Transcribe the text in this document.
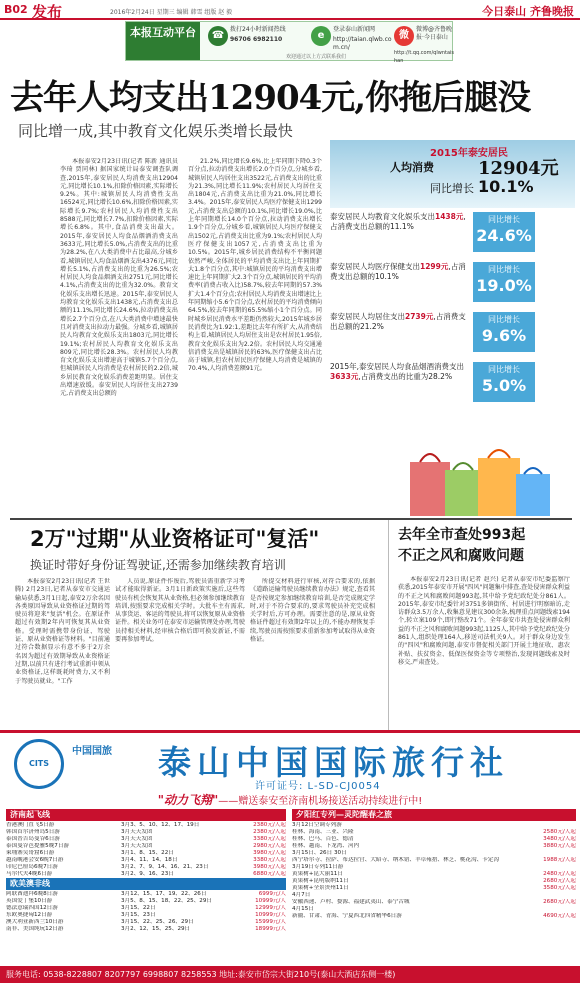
B02 发布	2016年2月24日 星期三 编辑 韩雪 组版 赵 毅	今日泰山 齐鲁晚报
本报互动平台	☎
拨打24小时新闻热线
96706 6982110	e
登录泰山新闻网
http://taian.qlwb.com.cn/
微
微博@齐鲁晚报·今日泰山
http://t.qq.com/qlwntaishan
欢迎通过以上方式联系我们
去年人均支出12904元,你拖后腿没
同比增一成,其中教育文化娱乐类增长最快
本报泰安2月23日讯(记者 陈新 通讯员 李琦 贾同林) 据国家统计局泰安调查队调查,2015年,泰安居民人均消费支出12904元,同比增长10.1%,扣除价格因素,实际增长9.2%。其中:城镇居民人均消费性支出16524元,同比增长10.6%,扣除价格因素,实际增长9.7%;农村居民人均消费性支出8588元,同比增长7.7%,扣除价格因素,实际增长6.8%。其中,食品消费支出最大。2015年,泰安居民人均食品烟酒消费支出3633元,同比增长5.0%,占消费支出的比重为28.2%,在八大类消费中占比最高,分城乡看,城镇居民人均食品烟酒支出4376元,同比增长5.1%,占消费支出的比重为26.5%;农村居民人均食品烟酒支出2751元,同比增长4.1%,占消费支出的比重为32.0%。教育文化娱乐支出增长迅速。2015年,泰安居民人均教育文化娱乐支出1438元,占消费支出总额的11.1%,同比增长24.6%,拉动消费支出增长2.7个百分点,在八大类消费中增速最快且对消费支出拉动力最强。分城乡看,城镇居民人均教育文化娱乐支出1803元,同比增长19.1%;农村居民人均教育文化娱乐支出809元,同比增长28.3%。农村居民人均教育文化娱乐支出增速高于城镇5.7个百分点,但城镇居民人均消费是农村居民的2.2倍,城乡居民教育文化娱乐消费差距明显。居住支出增速放缓。泰安居民人均居住支出2739元,占消费支出总额的
21.2%,同比增长9.6%,比上年同期下降0.3个百分点,拉动消费支出增长2.0个百分点,分城乡看,城镇居民人均居住支出3522元,占消费支出的比重为21.3%,同比增长11.9%;农村居民人均居住支出1804元,占消费支出比重为21.0%,同比增长3.4%。2015年,泰安居民人均医疗保健支出1299元,占消费支出总额的10.1%,同比增长19.0%,比上年同期增长14.0个百分点,拉动消费支出增长1.9个百分点,分城乡看,城镇居民人均医疗保健支出1502元,占消费支出比重为9.1%;农村居民人均医疗保健支出1057元,占消费支出比重为10.5%。2015年,城乡居民消费结构不平衡问题依然严峻,全体居民的平均消费支出比上年同期扩大1.8个百分点,其中:城镇居民的平均消费支出增速比上年同期扩大2.3个百分点,城镇居民的平均消费率(消费占收入比)58.7%,较去年同期的57.3%扩大1.4个百分点;农村居民人均消费支出增速比上年同期缩小5.6个百分点,农村居民的平均消费倾向64.5%,较去年同期的65.5%缩小1个百分点。同时城乡居民消费水平差距仍然较大,2015年城乡居民消费比为1.92:1,差距比去年有所扩大,从消费结构上看,城镇居民人均居住支出是农村居民1.95倍,教育文化娱乐支出为2.2倍。农村居民人均交通通信消费支出是城镇居民的63%,医疗保健支出占比高于城镇,但农村居民医疗保健人均消费是城镇的70.4%,人均消费差额91元。
2015年泰安居民
人均消费 12904元
同比增长 10.1%
泰安居民人均教育文化娱乐支出1438元,占消费支出总额的11.1%
同比增长
24.6%
泰安居民人均医疗保健支出1299元,占消费支出总额的10.1%
同比增长
19.0%
泰安居民人均居住支出2739元,占消费支出总额的21.2%
同比增长
9.6%
2015年,泰安居民人均食品烟酒消费支出3633元,占消费支出的比重为28.2%
同比增长
5.0%
2万"过期"从业资格证可"复活"
换证时带好身份证驾驶证,还需参加继续教育培训
本报泰安2月23日讯(记者 王世腾) 2月23日,记者从泰安市交通运输局获悉,3月1日起,泰安2万余名因各类原因导致从业资格证过期的驾驶员将迎来"复活"机会。在原证件超过有效期2年内可恢复其从业资格。受理时需携带身份证、驾驶证、原从业资格证等材料。"目前通过符合数据显示有意不多于2万余名因为超过有效期导致从业资格证过期,以前只有进行考试重新申领从业资格证,这样既耗时费力,又不利于驾驶员就业。"工作
人员说,原证件作废后,驾驶员需重新学习考试才能取得新证。3月1日新政策实施后,这些驾驶员有机会恢复其从业资格,但必须参加继续教育培训,按照要求完成相关学时。大批车主有需求,从事货运、客运的驾驶员,将可以恢复原从业资格证件。相关业务可在泰安市运输管理处办理,驾驶员持相关材料,经审核合格后即可换发新证,不需要再参加考试。
所提交材料进行审核,对符合要求的,依据《道路运输驾驶员继续教育办法》规定,查看其是否按规定参加继续教育培训,是否完成规定学时,对于不符合要求的,要求驾驶员补充完成相关学时后,方可办理。需要注意的是,原从业资格证件超过有效期2年以上的,不能办理恢复手续,驾驶员需按照要求重新参加考试取得从业资格证。
去年全市查处993起
不正之风和腐败问题
本报泰安2月23日讯(记者 赵兴) 记者从泰安市纪委监察厅获悉,2015年泰安市开展"四风"问题集中排查,查处侵害群众利益的不正之风和腐败问题993起,其中给予党纪政纪处分861人。2015年,泰安市纪委针对3751多镇街所、村居进行明察暗访,走访群众3.5万余人,收集意见建议300余条,梳理重点问题线索194个,转立案109个,即行整改71个。全年泰安市共查处侵害群众利益的不正之风和腐败问题993起,1125人,其中给予党纪政纪处分861人,组织处理164人,移送司法机关9人。对于群众身边发生的"四风"和腐败问题,泰安市督促相关部门开展土地征收、惠农补贴、扶贫资金、低保医保资金等专项整治,发现问题线索及时移交,严肃查处。
CITS
中国国旅 泰山中国国际旅行社
许可证号: L-SD-CJ0054
"动力飞翔"——赠送泰安至济南机场接送活动持续进行中!
济南起飞线
香港澳门直飞5日游	3月3、5、10、12、17、19日	2380元/人起
韩国首尔济州岛5日游	3月天天发团	2380元/人起
泰国普吉岛曼谷6日游	3月天天发团	3380元/人起
泰国曼谷芭提雅5晚7日游	3月天天发团	2980元/人起
柬埔寨吴哥窟6日游	3月1、8、15、22日	3980元/人起
越南岘港会安6晚7日游	3月4、11、14、18日	3380元/人起
印尼巴厘岛6晚7日游	3月2、7、9、14、16、21、23日	3980元/人起
马尔代夫4晚6日游	3月2、9、16、23日	6880元/人起
欧美澳非线
阿联酋迪拜6晚8日游	3月12、15、17、19、22、26日	6999元/人
英国爱丁堡10日游	3月5、8、15、18、22、25、29日	10999元/人
德法意瑞四国12日游	3月15、22日	12999元/人
东欧奥捷匈12日游	3月15、23日	10999元/人
澳大利亚新西兰10日游	3月15、22、25、26、29日	15999元/人
南非、美国纯玩12日游	3月2、12、15、25、29日	18999元/人
夕阳红专列—灵陀醒春之旅
3月12日空调专列游
桂林、海南、三亚、兴隆	2580元/人起
桂林、巴马、百色、德清	3480元/人起
桂林、越南、下龙湾、河内	3880元/人起
3月15日、26日 30日
西宁塔尔寺、拉萨、布达拉宫、大昭寺、纳木错、羊卓雍措、林芝、桃花沟、卡定沟	1988元/人起
3月19日专列11日游
黄果树+昆大丽11日	2480元/人起
黄果树+昆明版纳11日	2680元/人起
黄果树+全景贵州11日	3580元/人起
4月7日
安徽西递、卢村、婺源、福建武夷山、泰宁古城	2680元/人起
4月15日
新疆、甘肃、青海、宁夏西北四省精华6日游	4690元/人起
服务电话: 0538-8228807 8207797 6998807 8258553 地址:泰安市岱宗大街210号(泰山大酒店东侧一楼)
